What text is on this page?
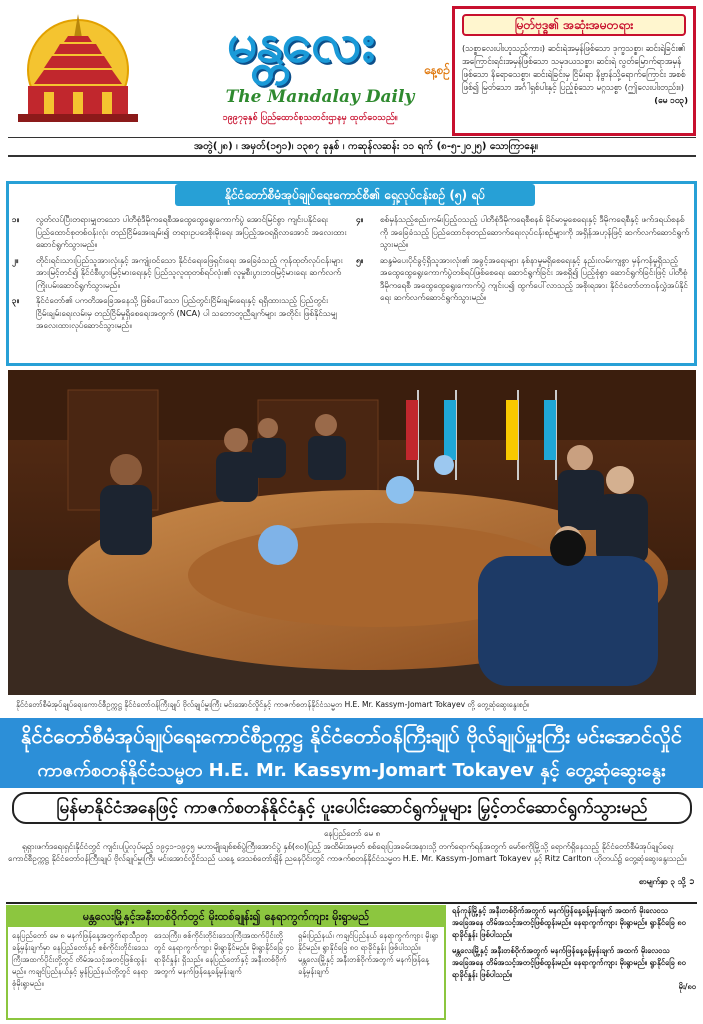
မန္တလေး	နေ့စဉ်
The Mandalay Daily
၁၉၉၇ခုနှစ် ပြည်ထောင်စုသတင်းဌာနမှ ထုတ်ဝေသည်။
မြတ်ဗုဒ္ဓ၏ အဆုံးအမတရား
(သစ္စာလေးပါးဟူသည့်ကား) ဆင်းရဲအမှန်ဖြစ်သော ဒုက္ခသစ္စာ၊ ဆင်းရဲခြင်း၏ အကြောင်းရင်းအမှန်ဖြစ်သော သမုဒယသစ္စာ၊ ဆင်းရဲ လွတ်မြောက်ရာအမှန်ဖြစ်သော နိရောဓသစ္စာ၊ ဆင်းရဲခြင်းမှ ငြိမ်းရာ နိဗ္ဗာန်သို့ရောက်ကြောင်း အစစ်ဖြစ်၍ မြတ်သော အင်္ဂါရှစ်ပါးနှင့် ပြည့်စုံသော မဂ္ဂသစ္စာ (ဤလေးပါးတည်း။)
(မေ ၁၀၃)
အတွဲ(၂၈) ၊ အမှတ်(၁၅၁)၊ ၁၃၈၇ ခုနှစ် ၊ ကဆုန်လဆန်း ၁၁ ရက် (၈-၅-၂၀၂၅) သောကြာနေ့။
နိုင်ငံတော်စီမံအုပ်ချုပ်ရေးကောင်စီ၏ ရှေ့လုပ်ငန်းစဉ် (၅) ရပ်
၁။	လွတ်လပ်ပြီးတရားမျှတသော ပါတီစုံဒီမိုကရေစီအထွေထွေရွေးကောက်ပွဲ အောင်မြင်စွာ ကျင်းပနိုင်ရေး ပြည်ထောင်စုတစ်ဝန်းလုံး တည်ငြိမ်အေးချမ်း၍ တရားဥပဒေစိုးမိုးရေး အပြည့်အဝရရှိလာအောင် အလေးထားဆောင်ရွက်သွားမည်။
၂။	တိုင်းရင်းသားပြည်သူအားလုံးနှင့် အကျုံးဝင်သော နိုင်ငံရေးဖြေရှင်းရေး အခြေခံသည့် ကုန်ထုတ်လုပ်ငန်းများအားမြင့်တင်၍ နိုင်ငံစီးပွားမြင့်မားရေးနှင့် ပြည်သူလူထုတစ်ရပ်လုံး၏ လူမှုစီးပွားဘဝမြင့်မားရေး ဆက်လက်ကြိုးပမ်းဆောင်ရွက်သွားမည်။
၃။	နိုင်ငံတော်၏ ပကတိအခြေအနေသို့ ဖြစ်ပေါ်သော ပြည်တွင်းငြိမ်းချမ်းရေးနှင့် ရရှိထားသည့် ပြည်တွင်းငြိမ်းချမ်းရေးလမ်းမှ တည်ငြိမ်မှုရှိစေရေးအတွက် (NCA) ပါ သဘောတူညီချက်များ အတိုင်း ဖြစ်နိုင်သမျှ အလေးထားလုပ်ဆောင်သွားမည်။
၄။	စစ်မှန်သည့်စည်းကမ်းပြည့်ဝသည့် ပါတီစုံဒီမိုကရေစီစနစ် မိုင်မာမှုစေရေးနှင့် ဒီမိုကရေစီနှင့် ဖက်ဒရယ်စနစ်ကို အခြေခံသည့် ပြည်ထောင်စုတည်ဆောက်ရေးလုပ်ငန်းစဉ်များကို အရှိန်အဟုန်ဖြင့် ဆက်လက်ဆောင်ရွက်သွားမည်။
၅။	ဆန္ဒမဲပေးပိုင်ခွင့်ရှိသူအားလုံး၏ အခွင့်အရေးများ နစ်နာမှုမရှိစေရေးနှင့် နည်းလမ်းကျစွာ မှန်ကန်မှုရှိသည့် အထွေထွေရွေးကောက်ပွဲတစ်ရပ်ဖြစ်စေရေး ဆောင်ရွက်ခြင်း အစရှိ၍ ပြည့်စုံစွာ ဆောင်ရွက်ခြင်းဖြင့် ပါတီစုံဒီမိုကရေစီ အထွေထွေရွေးကောက်ပွဲ ကျင်းပ၍ ထွက်ပေါ်လာသည့် အစိုးရအား နိုင်ငံတော်တာဝန်လွှဲအပ်နိုင်ရေး ဆက်လက်ဆောင်ရွက်သွားမည်။
နိုင်ငံတော်စီမံအုပ်ချုပ်ရေးကောင်စီဥက္ကဋ္ဌ နိုင်ငံတော်ဝန်ကြီးချုပ် ဗိုလ်ချုပ်မှူးကြီး မင်းအောင်လှိုင်နှင့် ကာဇက်စတန်နိုင်ငံသမ္မတ H.E. Mr. Kassym-Jomart Tokayev တို့ တွေ့ဆုံဆွေးနွေးစဉ်။
နိုင်ငံတော်စီမံအုပ်ချုပ်ရေးကောင်စီဥက္ကဋ္ဌ နိုင်ငံတော်ဝန်ကြီးချုပ် ဗိုလ်ချုပ်မှူးကြီး မင်းအောင်လှိုင်
ကာဇက်စတန်နိုင်ငံသမ္မတ H.E. Mr. Kassym-Jomart Tokayev နှင့် တွေ့ဆုံဆွေးနွေး
မြန်မာနိုင်ငံအနေဖြင့် ကာဇက်စတန်နိုင်ငံနှင့် ပူးပေါင်းဆောင်ရွက်မှုများ မြှင့်တင်ဆောင်ရွက်သွားမည်
နေပြည်တော် မေ ၈
ရုရှားဖက်ဒရေးရှင်းနိုင်ငံတွင် ကျင်းပပြုလုပ်မည့် ၁၉၄၁-၁၉၄၅ မဟာမျိုးချစ်စစ်ပွဲကြီးအောင်ပွဲ နှစ်(၈၀)ပြည့် အထိမ်းအမှတ် စစ်ရေးပြအခမ်းအနားသို့ တက်ရောက်ရန်အတွက် မော်စကိုမြို့သို့ ရောက်ရှိနေသည့် နိုင်ငံတော်စီမံအုပ်ချုပ်ရေးကောင်စီဥက္ကဋ္ဌ နိုင်ငံတော်ဝန်ကြီးချုပ် ဗိုလ်ချုပ်မှူးကြီး မင်းအောင်လှိုင်သည် ယနေ့ ဒေသစံတော်ချိန် ညနေပိုင်းတွင် ကာဇက်စတန်နိုင်ငံသမ္မတ H.E. Mr. Kassym-Jomart Tokayev နှင့် Ritz Carlton ဟိုတယ်၌ တွေ့ဆုံဆွေးနွေးသည်။
စာမျက်နှာ ၃ သို့ ➲
မန္တလေးမြို့နှင့်အနီးတစ်ဝိုက်တွင် မိုးထစ်ချုန်း၍ နေရာကွက်ကျား မိုးရွာမည်
နေပြည်တော် မေ ၈ မနက်ဖြန်နေ့အတွက်ရာသီဥတုခန့်မှန်းချက်မှာ နေပြည်တော်နှင့် စစ်ကိုင်းတိုင်းဒေသကြီးအထက်ပိုင်းတို့တွင် တိမ်အသင့်အတင့်ဖြစ်ထွန်းမည်။ ကချင်ပြည်နယ်နှင့် မွန်ပြည်နယ်တို့တွင် နေရာစုံမိုးရွာမည်။
ဒေသကြီး၊ စစ်ကိုင်းတိုင်းဒေသကြီးအထက်ပိုင်းတို့တွင် နေရာကွက်ကျား မိုးရွာနိုင်မည်။ မိုးရွာနိုင်ခြေ ၄၀ ရာခိုင်နှုန်း ရှိသည်။ နေပြည်တော်နှင့် အနီးတစ်ဝိုက်အတွက် မနက်ဖြန်နေ့ခန့်မှန်းချက်
ရှမ်းပြည်နယ်၊ ကချင်ပြည်နယ် နေရာကွက်ကျား မိုးရွာနိုင်မည်။ ရွာနိုင်ခြေ ၈၀ ရာခိုင်နှုန်း ဖြစ်ပါသည်။ မန္တလေးမြို့နှင့် အနီးတစ်ဝိုက်အတွက် မနက်ဖြန်နေ့ခန့်မှန်းချက်
ရန်ကုန်မြို့နှင့် အနီးတစ်ဝိုက်အတွက် မနက်ဖြန်နေ့ခန့်မှန်းချက် အထက် မိုးလေဝသ အခြေအနေ တိမ်အသင့်အတင့်ဖြစ်ထွန်းမည်။ နေရာကွက်ကျား မိုးရွာမည်။ ရွာနိုင်ခြေ ၈၀ ရာခိုင်နှုန်း ဖြစ်ပါသည်။
မန္တလေးမြို့နှင့် အနီးတစ်ဝိုက်အတွက် မနက်ဖြန်နေ့ခန့်မှန်းချက် အထက် မိုးလေဝသ အခြေအနေ တိမ်အသင့်အတင့်ဖြစ်ထွန်းမည်။ နေရာကွက်ကျား မိုးရွာမည်။ ရွာနိုင်ခြေ ၈၀ ရာခိုင်နှုန်း ဖြစ်ပါသည်။
မိုး/၈၀
